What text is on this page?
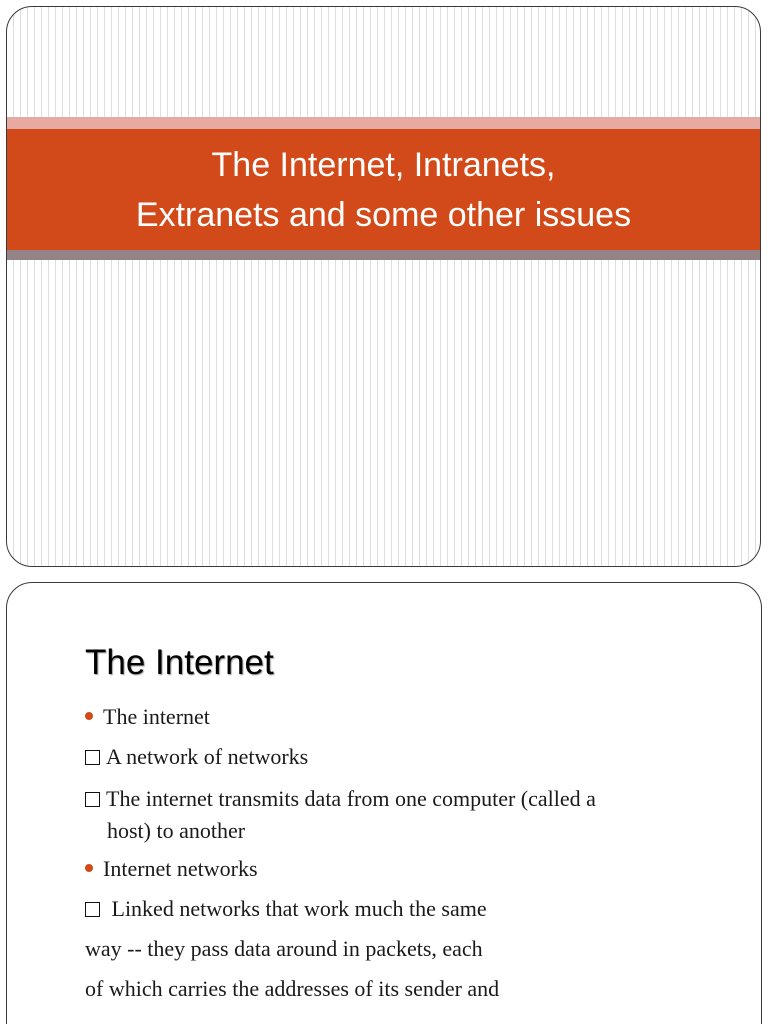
The Internet, Intranets,
Extranets and some other issues
The Internet
The internet
A network of networks
The internet transmits data from one computer (called a
host) to another
Internet networks
Linked networks that work much the same
way -- they pass data around in packets, each
of which carries the addresses of its sender and
